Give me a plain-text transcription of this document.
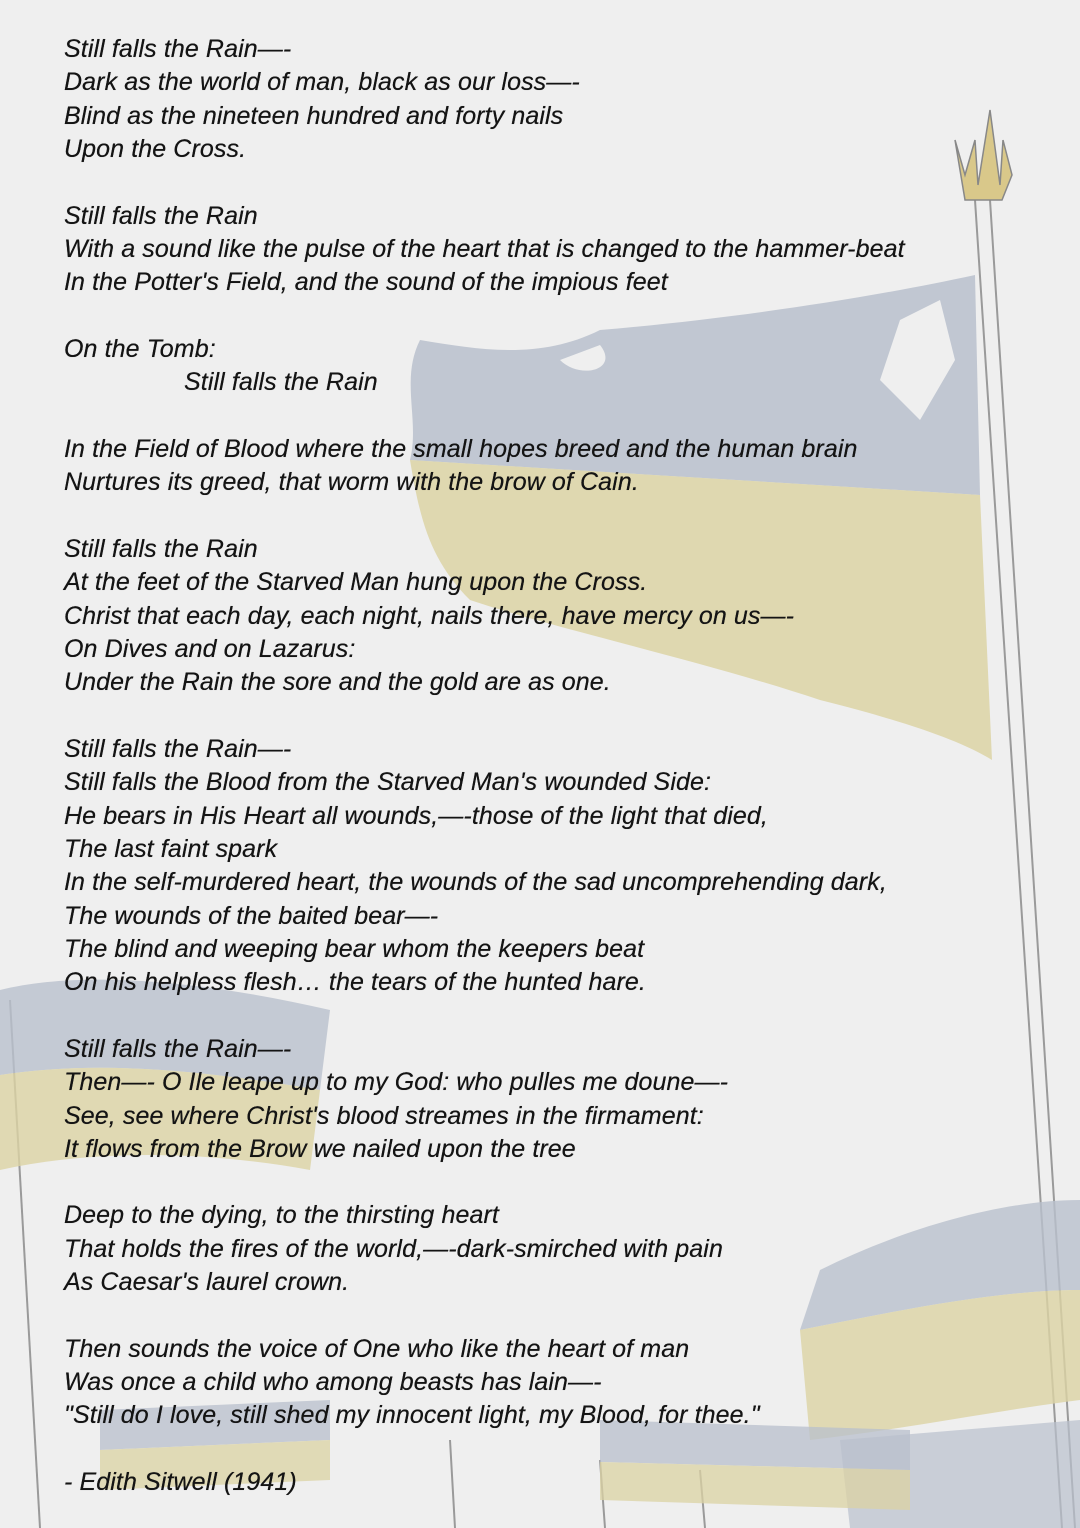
Still falls the Rain—-
Dark as the world of man, black as our loss—-
Blind as the nineteen hundred and forty nails
Upon the Cross.
Still falls the Rain
With a sound like the pulse of the heart that is changed to the hammer-beat
In the Potter's Field, and the sound of the impious feet
On the Tomb:
Still falls the Rain
In the Field of Blood where the small hopes breed and the human brain
Nurtures its greed, that worm with the brow of Cain.
Still falls the Rain
At the feet of the Starved Man hung upon the Cross.
Christ that each day, each night, nails there, have mercy on us—-
On Dives and on Lazarus:
Under the Rain the sore and the gold are as one.
Still falls the Rain—-
Still falls the Blood from the Starved Man's wounded Side:
He bears in His Heart all wounds,—-those of the light that died,
The last faint spark
In the self-murdered heart, the wounds of the sad uncomprehending dark,
The wounds of the baited bear—-
The blind and weeping bear whom the keepers beat
On his helpless flesh… the tears of the hunted hare.
Still falls the Rain—-
Then—- O Ile leape up to my God: who pulles me doune—-
See, see where Christ's blood streames in the firmament:
It flows from the Brow we nailed upon the tree
Deep to the dying, to the thirsting heart
That holds the fires of the world,—-dark-smirched with pain
As Caesar's laurel crown.
Then sounds the voice of One who like the heart of man
Was once a child who among beasts has lain—-
"Still do I love, still shed my innocent light, my Blood, for thee."
- Edith Sitwell (1941)
